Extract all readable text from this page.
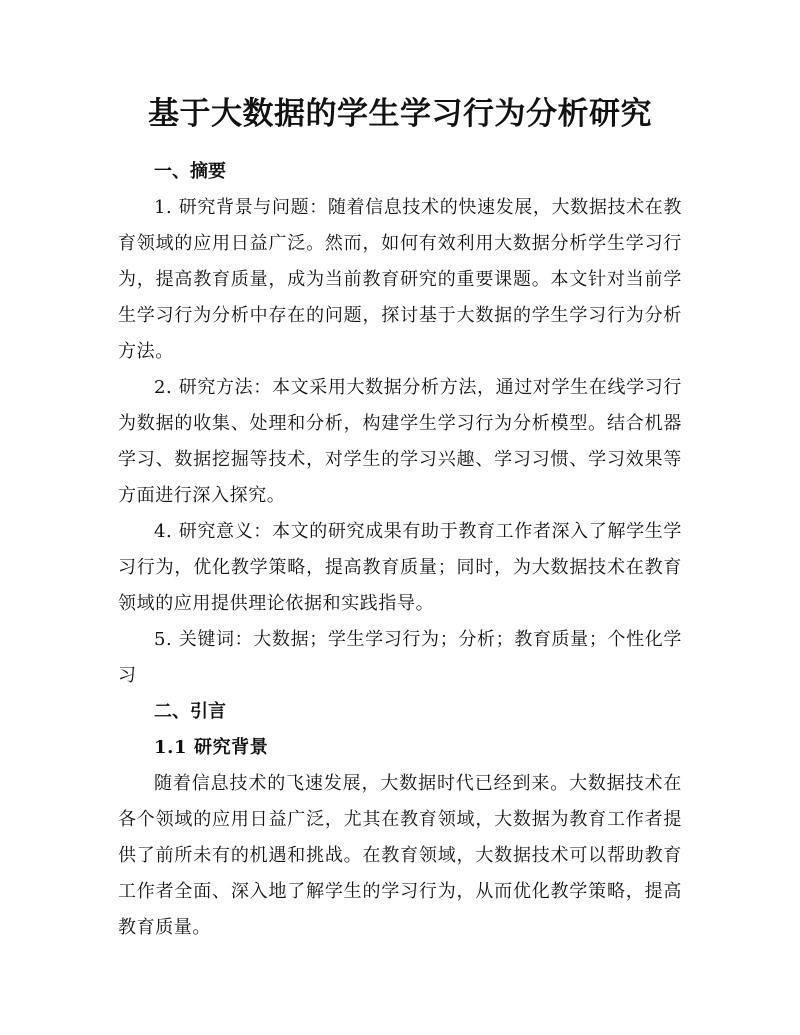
基于大数据的学生学习行为分析研究
一、摘要

1. 研究背景与问题：随着信息技术的快速发展，大数据技术在教育领域的应用日益广泛。然而，如何有效利用大数据分析学生学习行为，提高教育质量，成为当前教育研究的重要课题。本文针对当前学生学习行为分析中存在的问题，探讨基于大数据的学生学习行为分析方法。

2. 研究方法：本文采用大数据分析方法，通过对学生在线学习行为数据的收集、处理和分析，构建学生学习行为分析模型。结合机器学习、数据挖掘等技术，对学生的学习兴趣、学习习惯、学习效果等方面进行深入探究。

4. 研究意义：本文的研究成果有助于教育工作者深入了解学生学习行为，优化教学策略，提高教育质量；同时，为大数据技术在教育领域的应用提供理论依据和实践指导。

5. 关键词：大数据；学生学习行为；分析；教育质量；个性化学习

二、引言
1.1 研究背景

随着信息技术的飞速发展，大数据时代已经到来。大数据技术在各个领域的应用日益广泛，尤其在教育领域，大数据为教育工作者提供了前所未有的机遇和挑战。在教育领域，大数据技术可以帮助教育工作者全面、深入地了解学生的学习行为，从而优化教学策略，提高教育质量。
